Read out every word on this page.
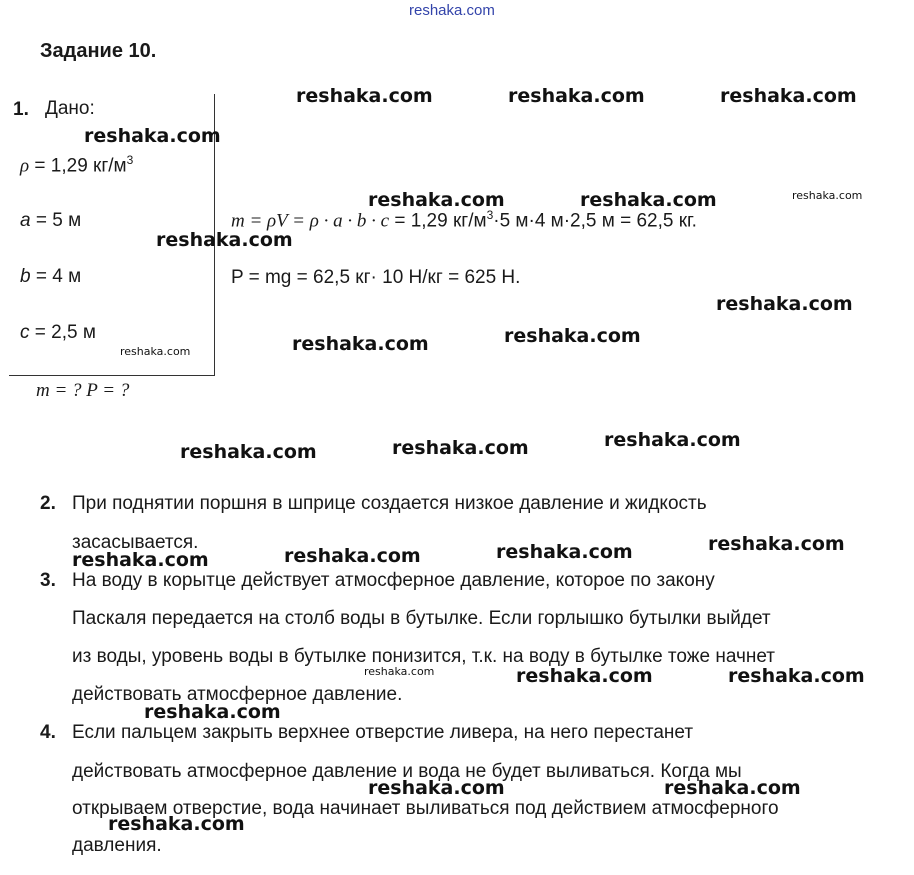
reshaka.com
Задание 10.
1. Дано:
ρ = 1,29 $кг/м^3$
a = 5 м
b = 4 м
c = 2,5 м
m = ? P = ?
m = ρV = ρ · a · b · c = 1,29 $кг/м^3\cdot 5$ м·4 м·2,5 м = 62,5 кг.
P = mg = 62,5 кг· 10 Н/кг = 625 Н.
2. При поднятии поршня в шприце создается низкое давление и жидкость
засасывается.
3. На воду в корытце действует атмосферное давление, которое по закону
Паскаля передается на столб воды в бутылке. Если горлышко бутылки выйдет
из воды, уровень воды в бутылке понизится, т.к. на воду в бутылке тоже начнет
действовать атмосферное давление.
4. Если пальцем закрыть верхнее отверстие ливера, на него перестанет
действовать атмосферное давление и вода не будет выливаться. Когда мы
открываем отверстие, вода начинает выливаться под действием атмосферного
давления.
reshaka.com	reshaka.com	reshaka.com
reshaka.com
reshaka.com	reshaka.com	reshaka.com
reshaka.com
reshaka.com
reshaka.com
reshaka.com
reshaka.com
reshaka.com
reshaka.com
reshaka.com
reshaka.com
reshaka.com
reshaka.com
reshaka.com
reshaka.com	reshaka.com	reshaka.com
reshaka.com
reshaka.com	reshaka.com
reshaka.com
